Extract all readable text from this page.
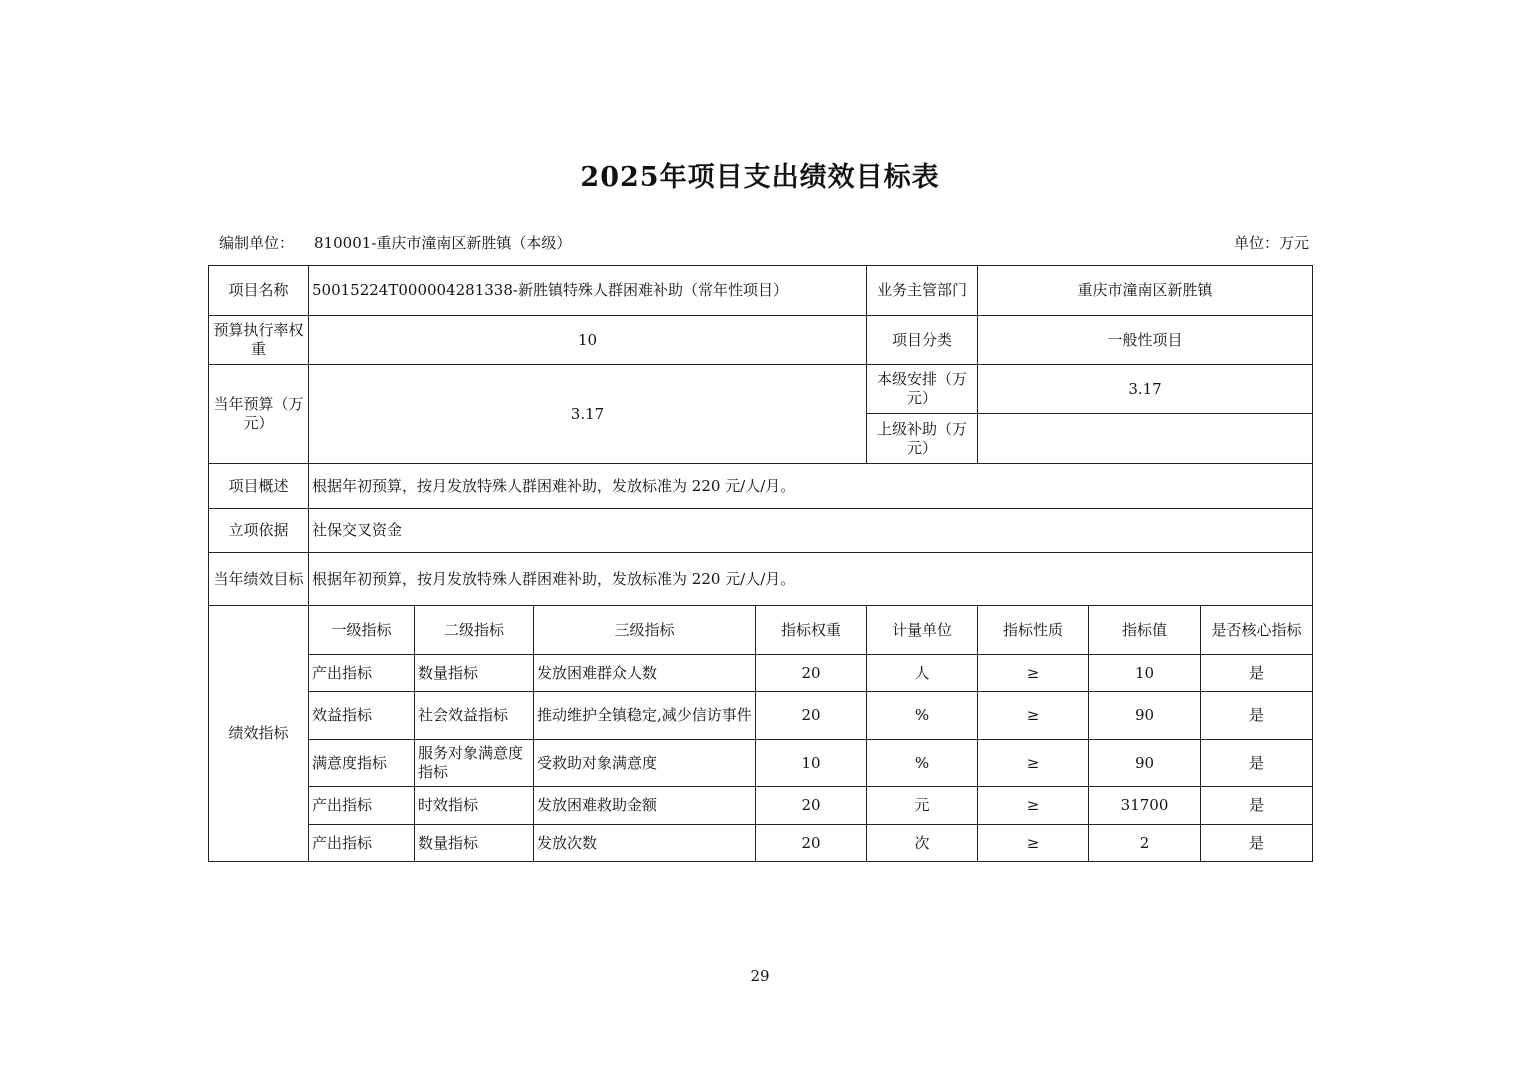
2025年项目支出绩效目标表
编制单位： 810001-重庆市潼南区新胜镇（本级）	单位：万元
项目名称	50015224T000004281338-新胜镇特殊人群困难补助（常年性项目）				业务主管部门	重庆市潼南区新胜镇		
预算执行率权重	10				项目分类	一般性项目		
当年预算（万元）	3.17				本级安排（万元）	3.17		
					上级补助（万元）			
项目概述	根据年初预算，按月发放特殊人群困难补助，发放标准为 220 元/人/月。							
立项依据	社保交叉资金							
当年绩效目标	根据年初预算，按月发放特殊人群困难补助，发放标准为 220 元/人/月。							
绩效指标	一级指标	二级指标	三级指标	指标权重	计量单位	指标性质	指标值	是否核心指标
	产出指标	数量指标	发放困难群众人数	20	人	≥	10	是
	效益指标	社会效益指标	推动维护全镇稳定,减少信访事件	20	%	≥	90	是
	满意度指标	服务对象满意度指标	受救助对象满意度	10	%	≥	90	是
	产出指标	时效指标	发放困难救助金额	20	元	≥	31700	是
	产出指标	数量指标	发放次数	20	次	≥	2	是
29
